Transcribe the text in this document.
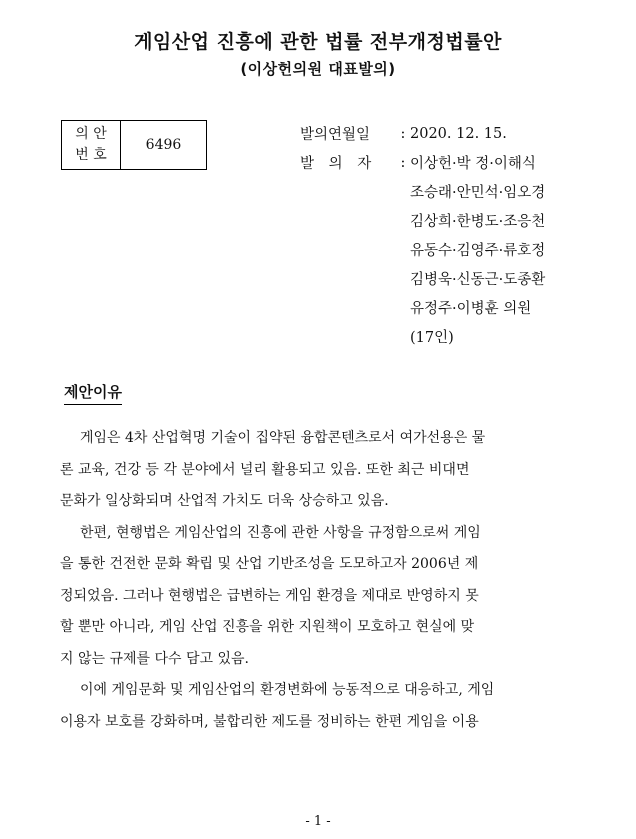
게임산업 진흥에 관한 법률 전부개정법률안
(이상헌의원 대표발의)
의 안
번 호
6496
발의연월일	: 2020. 12. 15.
발 의 자	: 이상헌·박 정·이해식
조승래·안민석·임오경
김상희·한병도·조응천
유동수·김영주·류호정
김병욱·신동근·도종환
유정주·이병훈 의원
(17인)
제안이유
게임은 4차 산업혁명 기술이 집약된 융합콘텐츠로서 여가선용은 물
론 교육, 건강 등 각 분야에서 널리 활용되고 있음. 또한 최근 비대면
문화가 일상화되며 산업적 가치도 더욱 상승하고 있음.
한편, 현행법은 게임산업의 진흥에 관한 사항을 규정함으로써 게임
을 통한 건전한 문화 확립 및 산업 기반조성을 도모하고자 2006년 제
정되었음. 그러나 현행법은 급변하는 게임 환경을 제대로 반영하지 못
할 뿐만 아니라, 게임 산업 진흥을 위한 지원책이 모호하고 현실에 맞
지 않는 규제를 다수 담고 있음.
이에 게임문화 및 게임산업의 환경변화에 능동적으로 대응하고, 게임
이용자 보호를 강화하며, 불합리한 제도를 정비하는 한편 게임을 이용
- 1 -
